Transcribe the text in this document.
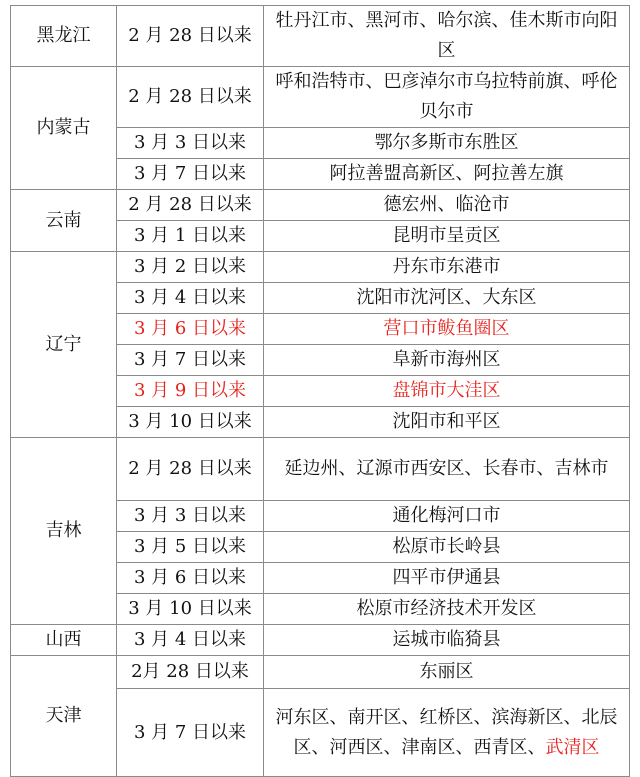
黑龙江	2 月 28 日以来	牡丹江市、黑河市、哈尔滨、佳木斯市向阳区
内蒙古	2 月 28 日以来	呼和浩特市、巴彦淖尔市乌拉特前旗、呼伦贝尔市
	3 月 3 日以来	鄂尔多斯市东胜区
	3 月 7 日以来	阿拉善盟高新区、阿拉善左旗
云南	2 月 28 日以来	德宏州、临沧市
	3 月 1 日以来	昆明市呈贡区
辽宁	3 月 2 日以来	丹东市东港市
	3 月 4 日以来	沈阳市沈河区、大东区
	3 月 6 日以来	营口市鲅鱼圈区
	3 月 7 日以来	阜新市海州区
	3 月 9 日以来	盘锦市大洼区
	3 月 10 日以来	沈阳市和平区
吉林	2 月 28 日以来	延边州、辽源市西安区、长春市、吉林市
	3 月 3 日以来	通化梅河口市
	3 月 5 日以来	松原市长岭县
	3 月 6 日以来	四平市伊通县
	3 月 10 日以来	松原市经济技术开发区
山西	3 月 4 日以来	运城市临猗县
天津	2月 28 日以来	东丽区
	3 月 7 日以来	河东区、南开区、红桥区、滨海新区、北辰区、河西区、津南区、西青区、武清区
